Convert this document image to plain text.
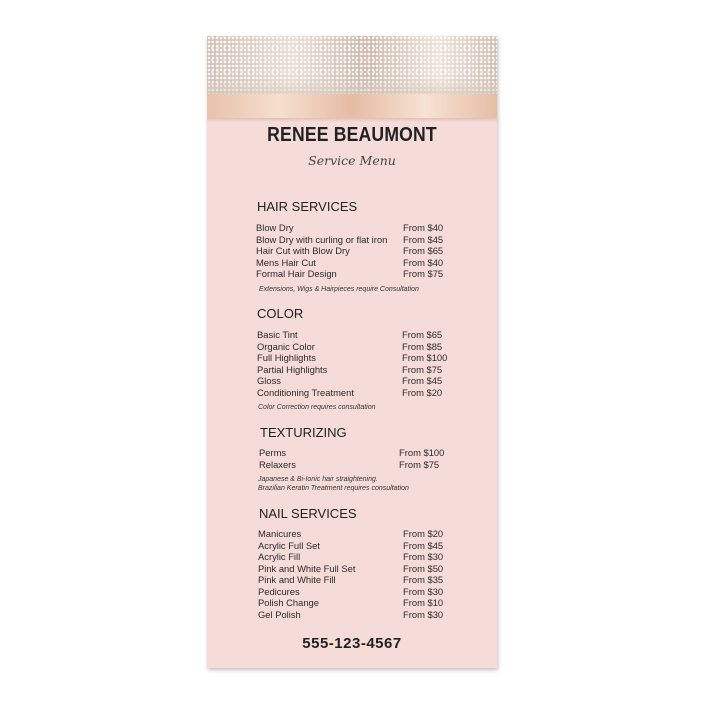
RENEE BEAUMONT
Service Menu
HAIR SERVICES
Blow Dry	From $40
Blow Dry with curling or flat iron From $45
Hair Cut with Blow Dry	From $65
Mens Hair Cut	From $40
Formal Hair Design	From $75
Extensions, Wigs & Hairpieces require Consultation
COLOR
Basic Tint	From $65
Organic Color	From $85
Full Highlights	From $100
Partial Highlights	From $75
Gloss	From $45
Conditioning Treatment	From $20
Color Correction requires consultation
TEXTURIZING
Perms	From $100
Relaxers	From $75
Japanese & Bi-Ionic hair straightening.
Brazilian Keratin Treatment requires consultation
NAIL SERVICES
Manicures	From $20
Acrylic Full Set	From $45
Acrylic Fill	From $30
Pink and White Full Set	From $50
Pink and White Fill	From $35
Pedicures	From $30
Polish Change	From $10
Gel Polish	From $30
555-123-4567
